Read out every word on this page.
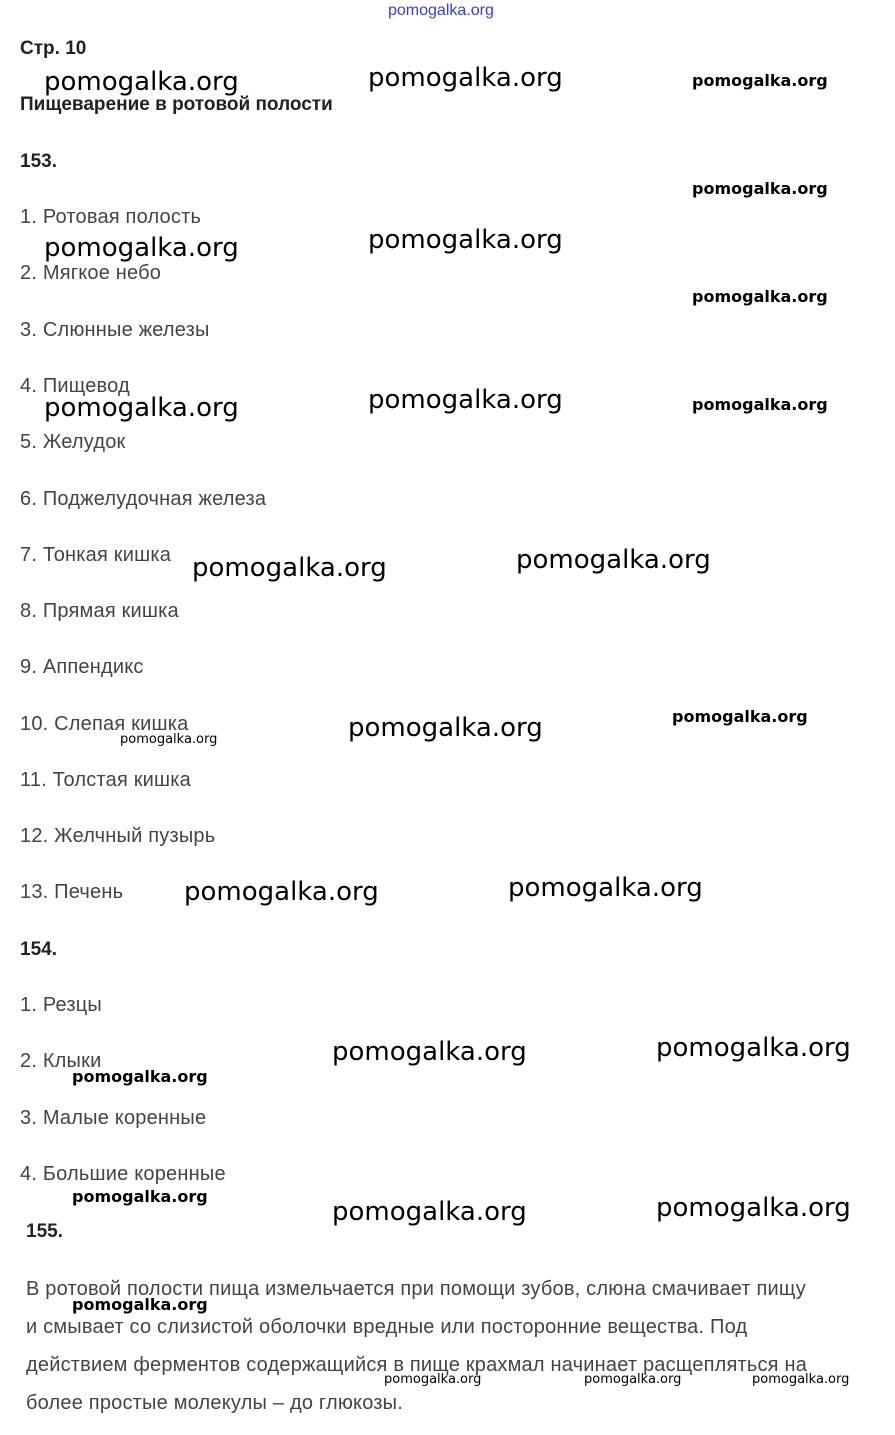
pomogalka.org
Стр. 10
Пищеварение в ротовой полости
153.
1. Ротовая полость
2. Мягкое небо
3. Слюнные железы
4. Пищевод
5. Желудок
6. Поджелудочная железа
7. Тонкая кишка
8. Прямая кишка
9. Аппендикс
10. Слепая кишка
11. Толстая кишка
12. Желчный пузырь
13. Печень
154.
1. Резцы
2. Клыки
3. Малые коренные
4. Большие коренные
155.
В ротовой полости пища измельчается при помощи зубов, слюна смачивает пищу
и смывает со слизистой оболочки вредные или посторонние вещества. Под
действием ферментов содержащийся в пище крахмал начинает расщепляться на
более простые молекулы – до глюкозы.
pomogalka.org	pomogalka.org	pomogalka.org
pomogalka.org
pomogalka.org	pomogalka.org
pomogalka.org
pomogalka.org	pomogalka.org	pomogalka.org
pomogalka.org	pomogalka.org
pomogalka.org	pomogalka.org	pomogalka.org
pomogalka.org	pomogalka.org
pomogalka.org	pomogalka.org
pomogalka.org
pomogalka.org
pomogalka.org	pomogalka.org
pomogalka.org
pomogalka.org	pomogalka.org	pomogalka.org
